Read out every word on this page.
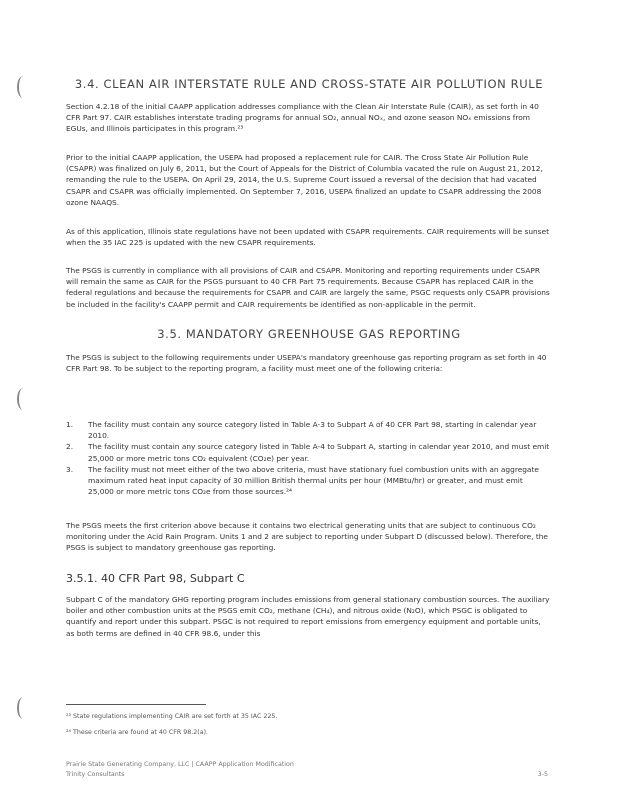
3.4. CLEAN AIR INTERSTATE RULE AND CROSS-STATE AIR POLLUTION RULE

Section 4.2.18 of the initial CAAPP application addresses compliance with the Clean Air Interstate Rule (CAIR), as set forth in 40 CFR Part 97. CAIR establishes interstate trading programs for annual SO₂, annual NOₓ, and ozone season NOₓ emissions from EGUs, and Illinois participates in this program.²³

Prior to the initial CAAPP application, the USEPA had proposed a replacement rule for CAIR. The Cross State Air Pollution Rule (CSAPR) was finalized on July 6, 2011, but the Court of Appeals for the District of Columbia vacated the rule on August 21, 2012, remanding the rule to the USEPA. On April 29, 2014, the U.S. Supreme Court issued a reversal of the decision that had vacated CSAPR and CSAPR was officially implemented. On September 7, 2016, USEPA finalized an update to CSAPR addressing the 2008 ozone NAAQS.

As of this application, Illinois state regulations have not been updated with CSAPR requirements. CAIR requirements will be sunset when the 35 IAC 225 is updated with the new CSAPR requirements.

The PSGS is currently in compliance with all provisions of CAIR and CSAPR. Monitoring and reporting requirements under CSAPR will remain the same as CAIR for the PSGS pursuant to 40 CFR Part 75 requirements. Because CSAPR has replaced CAIR in the federal regulations and because the requirements for CSAPR and CAIR are largely the same, PSGC requests only CSAPR provisions be included in the facility's CAAPP permit and CAIR requirements be identified as non-applicable in the permit.

3.5. MANDATORY GREENHOUSE GAS REPORTING

The PSGS is subject to the following requirements under USEPA's mandatory greenhouse gas reporting program as set forth in 40 CFR Part 98. To be subject to the reporting program, a facility must meet one of the following criteria:

1. The facility must contain any source category listed in Table A-3 to Subpart A of 40 CFR Part 98, starting in calendar year 2010.
2. The facility must contain any source category listed in Table A-4 to Subpart A, starting in calendar year 2010, and must emit 25,000 or more metric tons CO₂ equivalent (CO₂e) per year.
3. The facility must not meet either of the two above criteria, must have stationary fuel combustion units with an aggregate maximum rated heat input capacity of 30 million British thermal units per hour (MMBtu/hr) or greater, and must emit 25,000 or more metric tons CO₂e from those sources.²⁴

The PSGS meets the first criterion above because it contains two electrical generating units that are subject to continuous CO₂ monitoring under the Acid Rain Program. Units 1 and 2 are subject to reporting under Subpart D (discussed below). Therefore, the PSGS is subject to mandatory greenhouse gas reporting.

3.5.1. 40 CFR Part 98, Subpart C

Subpart C of the mandatory GHG reporting program includes emissions from general stationary combustion sources. The auxiliary boiler and other combustion units at the PSGS emit CO₂, methane (CH₄), and nitrous oxide (N₂O), which PSGC is obligated to quantify and report under this subpart. PSGC is not required to report emissions from emergency equipment and portable units, as both terms are defined in 40 CFR 98.6, under this

²³ State regulations implementing CAIR are set forth at 35 IAC 225.
²⁴ These criteria are found at 40 CFR 98.2(a).
Prairie State Generating Company, LLC | CAAPP Application Modification
Trinity Consultants	3-5
